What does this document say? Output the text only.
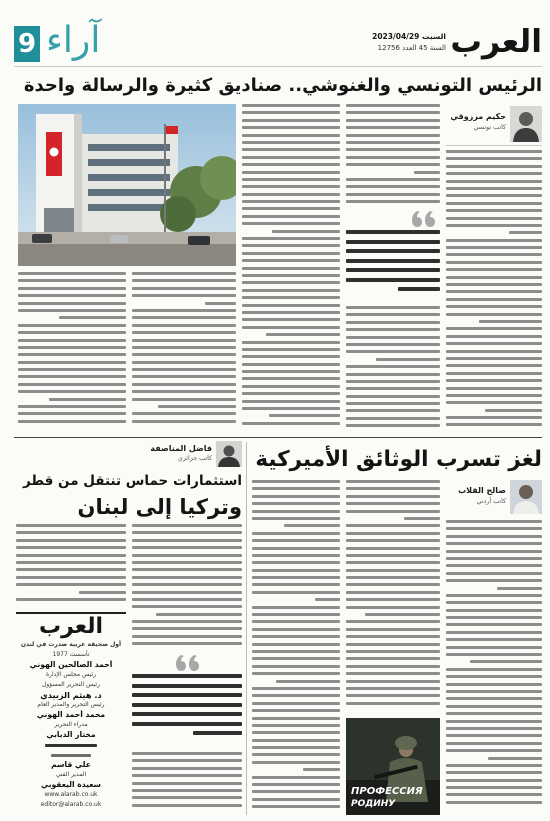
العرب
السبت 2023/04/29
السنة 45 العدد 12756
9 آراء
الرئيس التونسي والغنوشي.. صناديق كثيرة والرسالة واحدة
حكيم مرزوقي
كاتب تونسي
لغز تسرب الوثائق الأميركية
صالح القلاب
كاتب أردني
ПРОФЕССИЯ
РОДИНУ
فاضل المناصفة
كاتب جزائري
استثمارات حماس تنتقل من قطر
وتركيا إلى لبنان
العرب
أول صحيفة عربية صدرت في لندن
تأسست 1977
أحمد الصالحين الهوني
رئيس مجلس الإدارة
رئيس التحرير المسؤول
د. هيثم الزبيدي
رئيس التحرير والمدير العام
محمد أحمد الهوني
مدراء التحرير
مختار الدبابي
علي قاسم
المدير الفني
سعيدة اليعقوبي
www.alarab.co.uk
editor@alarab.co.uk
